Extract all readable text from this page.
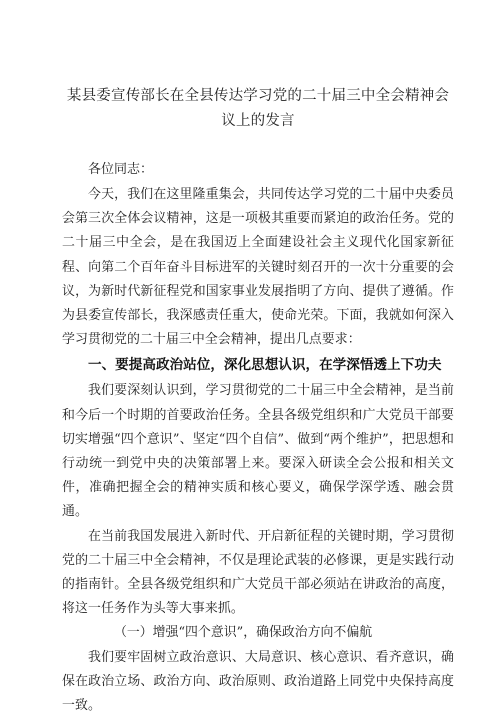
某县委宣传部长在全县传达学习党的二十届三中全会精神会议上的发言

各位同志：

今天，我们在这里隆重集会，共同传达学习党的二十届中央委员会第三次全体会议精神，这是一项极其重要而紧迫的政治任务。党的二十届三中全会，是在我国迈上全面建设社会主义现代化国家新征程、向第二个百年奋斗目标进军的关键时刻召开的一次十分重要的会议，为新时代新征程党和国家事业发展指明了方向、提供了遵循。作为县委宣传部长，我深感责任重大，使命光荣。下面，我就如何深入学习贯彻党的二十届三中全会精神，提出几点要求：

一、要提高政治站位，深化思想认识，在学深悟透上下功夫

我们要深刻认识到，学习贯彻党的二十届三中全会精神，是当前和今后一个时期的首要政治任务。全县各级党组织和广大党员干部要切实增强“四个意识”、坚定“四个自信”、做到“两个维护”，把思想和行动统一到党中央的决策部署上来。要深入研读全会公报和相关文件，准确把握全会的精神实质和核心要义，确保学深学透、融会贯通。

在当前我国发展进入新时代、开启新征程的关键时期，学习贯彻党的二十届三中全会精神，不仅是理论武装的必修课，更是实践行动的指南针。全县各级党组织和广大党员干部必须站在讲政治的高度，将这一任务作为头等大事来抓。

（一）增强“四个意识”，确保政治方向不偏航

我们要牢固树立政治意识、大局意识、核心意识、看齐意识，确保在政治立场、政治方向、政治原则、政治道路上同党中央保持高度一致。
